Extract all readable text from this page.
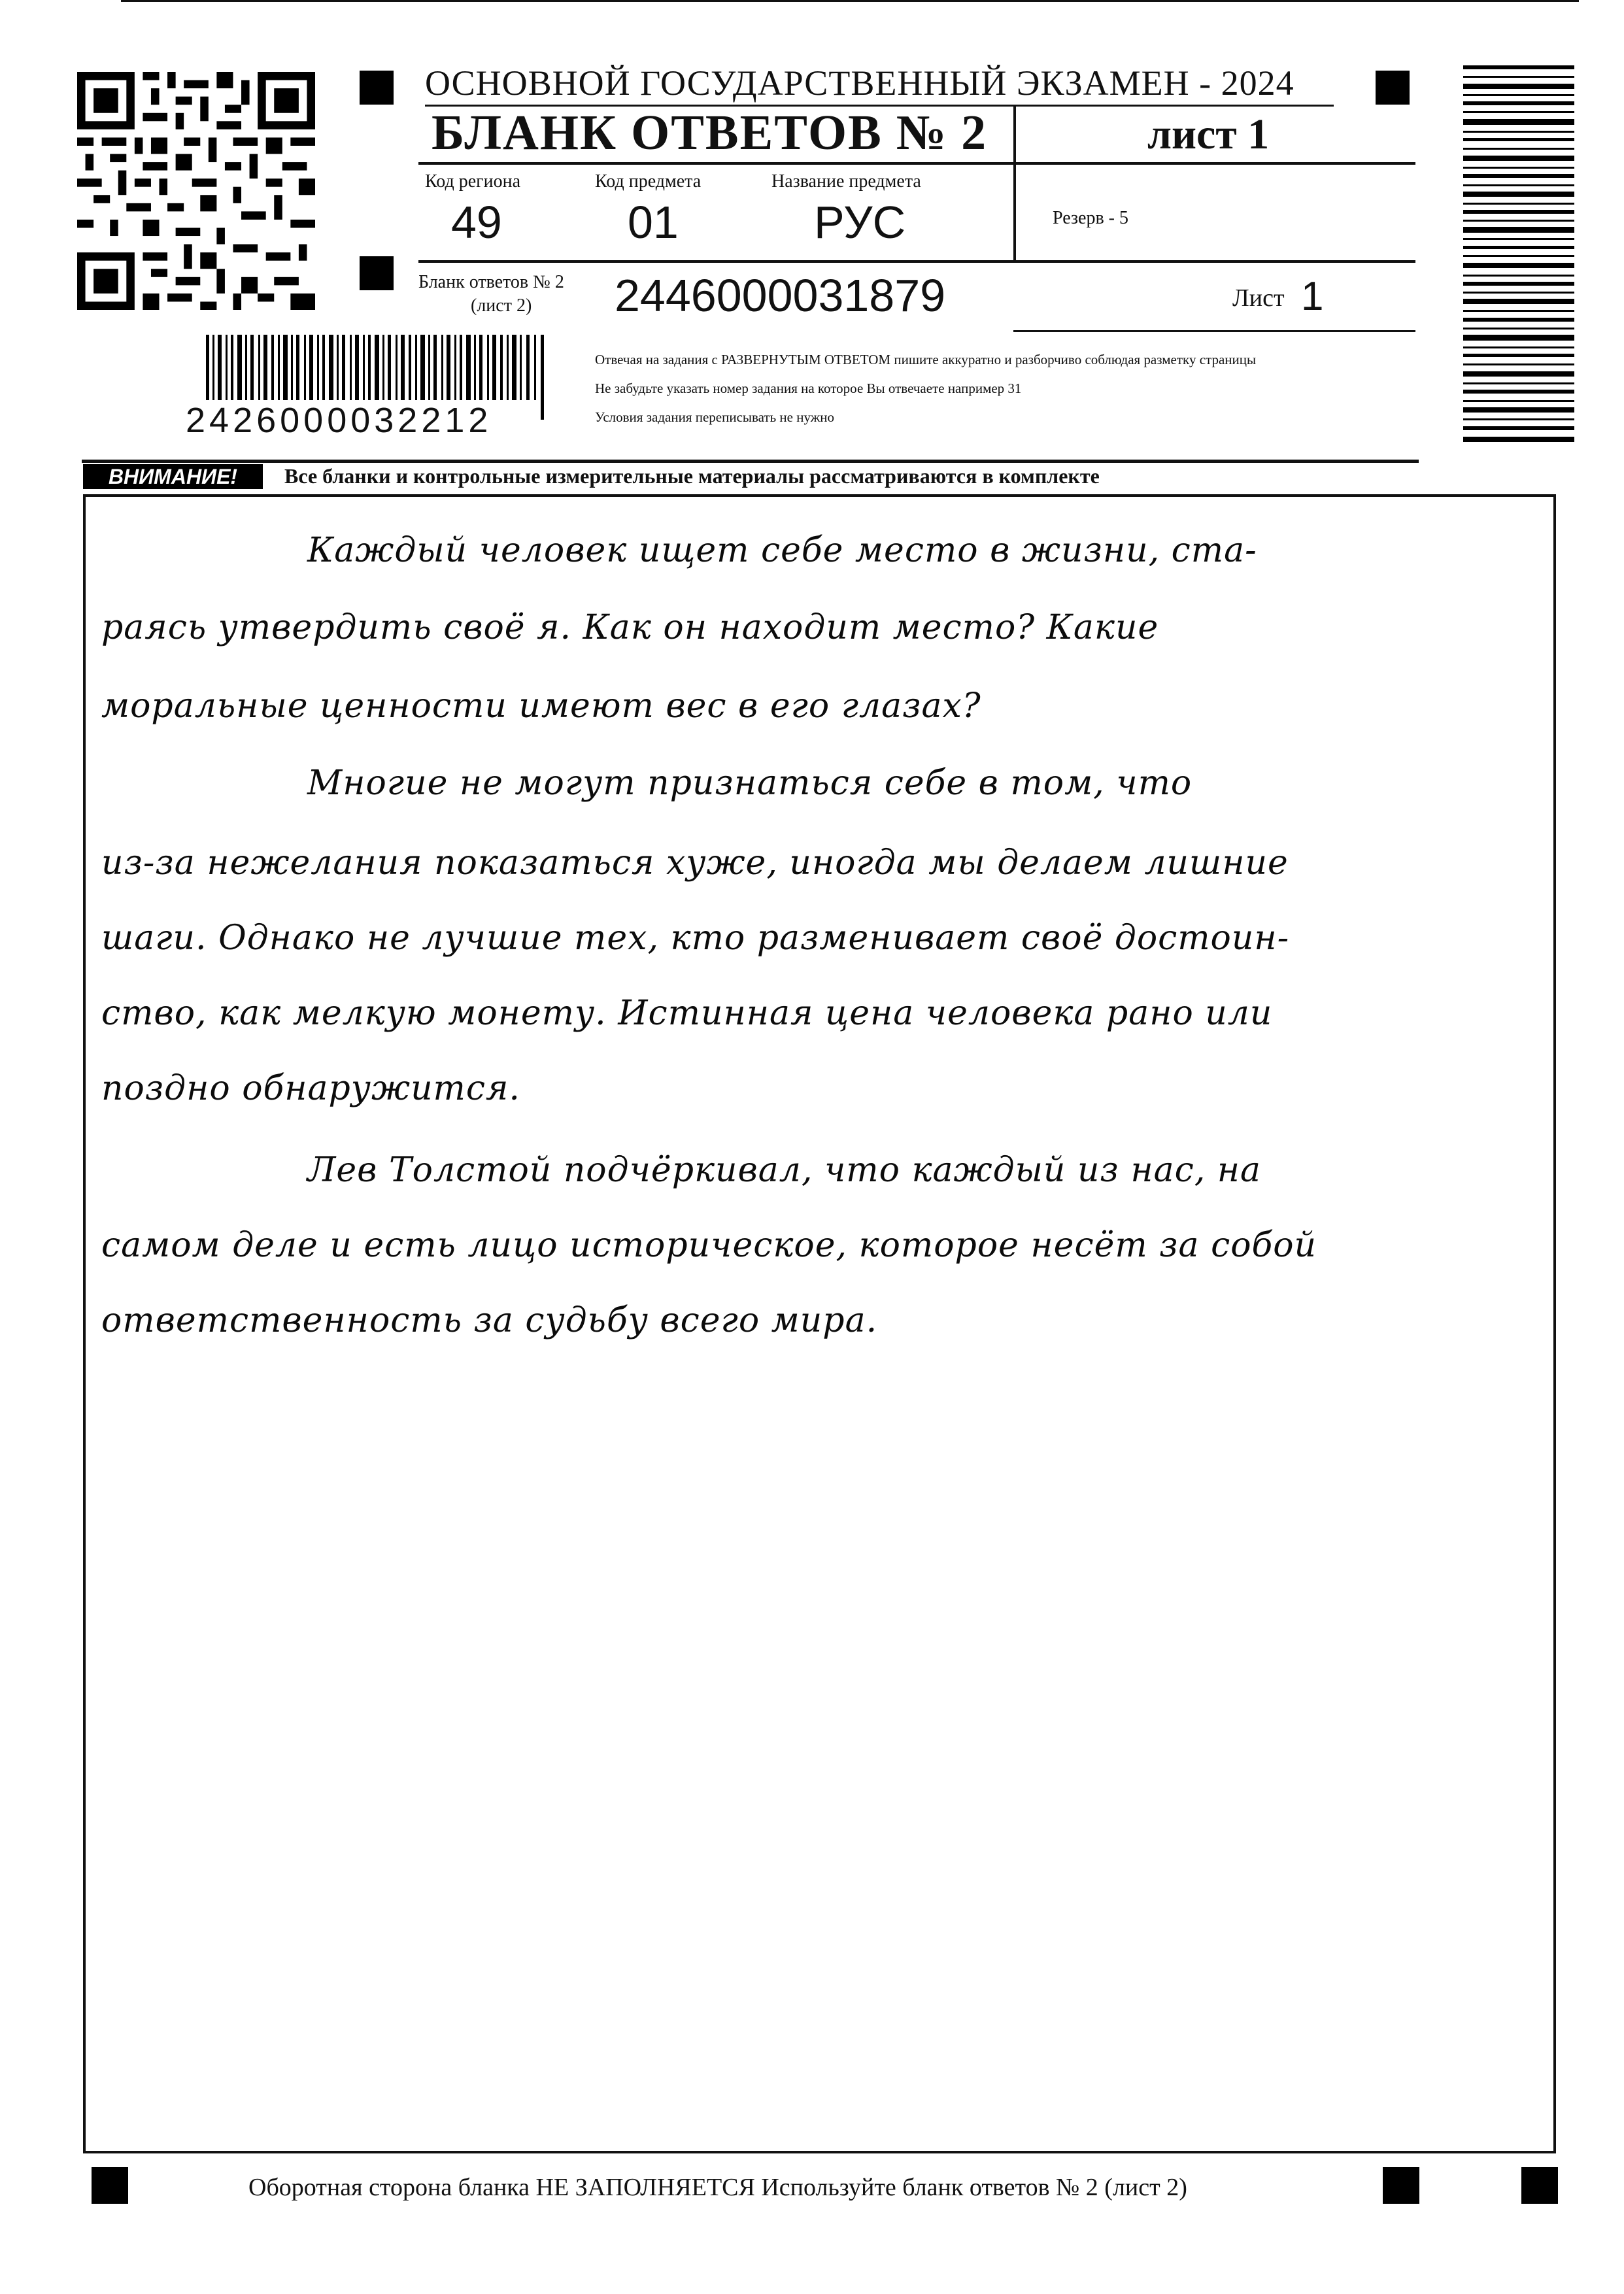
ОСНОВНОЙ ГОСУДАРСТВЕННЫЙ ЭКЗАМЕН - 2024
БЛАНК ОТВЕТОВ № 2	лист 1
Код региона
49
Код предмета
01
Название предмета
РУС	Резерв - 5
Бланк ответов № 2
(лист 2) 2446000031879	Лист 1
2426000032212
Отвечая на задания с РАЗВЕРНУТЫМ ОТВЕТОМ пишите аккуратно и разборчиво соблюдая разметку страницы
Не забудьте указать номер задания на которое Вы отвечаете например 31
Условия задания переписывать не нужно
ВНИМАНИЕ!	Все бланки и контрольные измерительные материалы рассматриваются в комплекте
Каждый человек ищет себе место в жизни, ста-
раясь утвердить своё я. Как он находит место? Какие
моральные ценности имеют вес в его глазах?
Многие не могут признаться себе в том, что
из-за нежелания показаться хуже, иногда мы делаем лишние
шаги. Однако не лучшие тех, кто разменивает своё достоин-
ство, как мелкую монету. Истинная цена человека рано или
поздно обнаружится.
Лев Толстой подчёркивал, что каждый из нас, на
самом деле и есть лицо историческое, которое несёт за собой
ответственность за судьбу всего мира.
Оборотная сторона бланка НЕ ЗАПОЛНЯЕТСЯ Используйте бланк ответов № 2 (лист 2)
